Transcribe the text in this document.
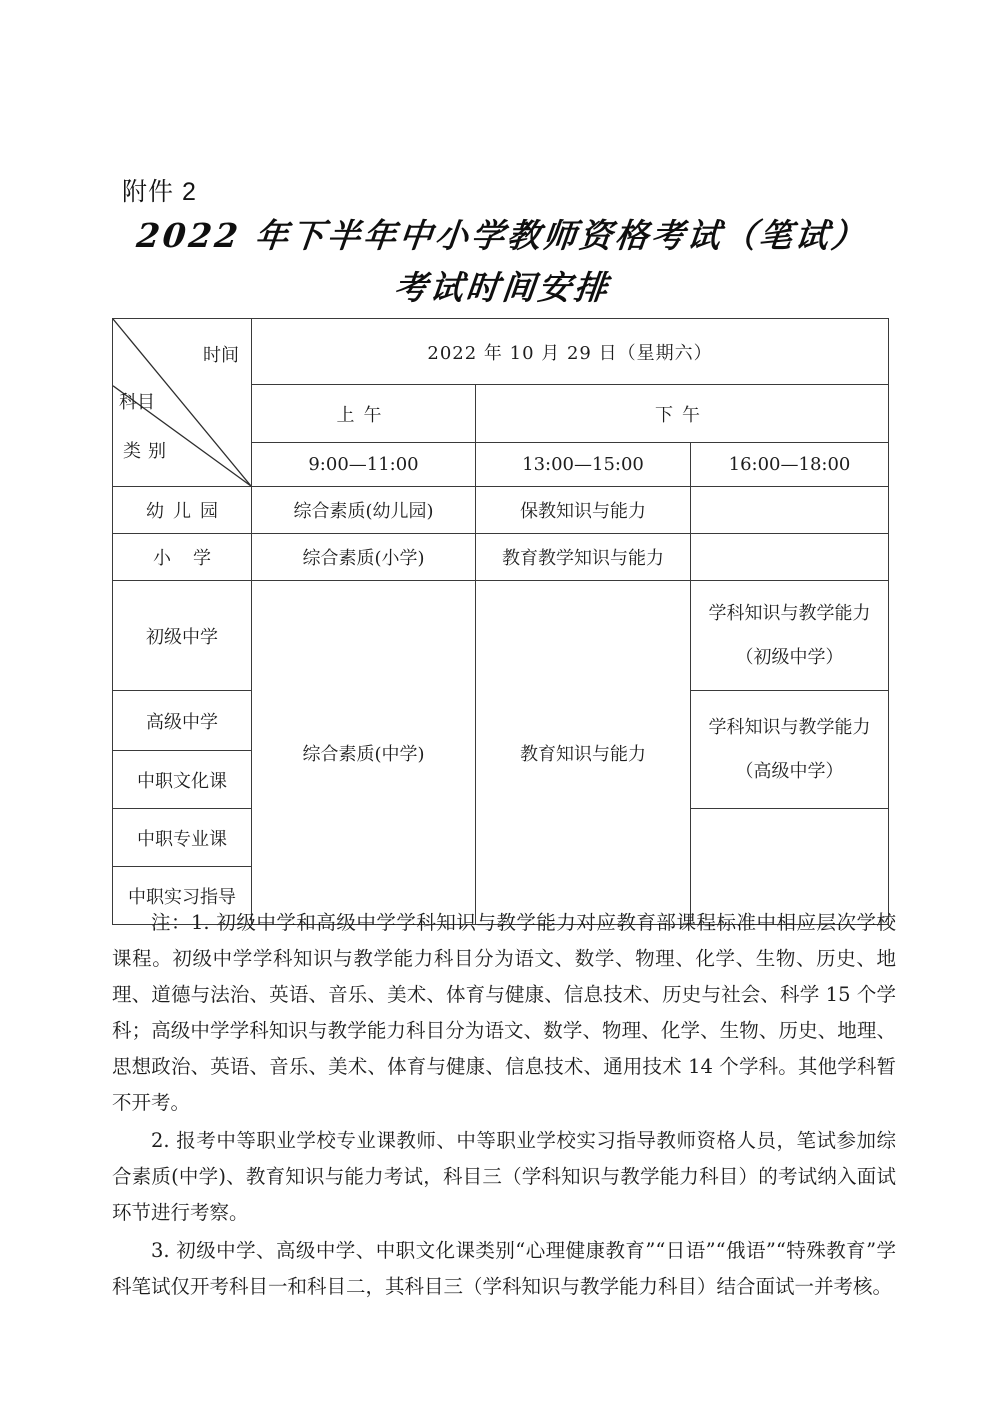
附件 2
2022 年下半年中小学教师资格考试（笔试）
考试时间安排
时间
科目
类别	2022 年 10 月 29 日（星期六）		
	上午	下午	
	9:00—11:00	13:00—15:00	16:00—18:00
幼儿园	综合素质(幼儿园)	保教知识与能力	
小学	综合素质(小学)	教育教学知识与能力	
初级中学	综合素质(中学)	教育知识与能力	学科知识与教学能力
（初级中学）

高级中学			学科知识与教学能力
（高级中学）

中职文化课			
中职专业课			
中职实习指导			

注：1. 初级中学和高级中学学科知识与教学能力对应教育部课程标准中相应层次学校课程。初级中学学科知识与教学能力科目分为语文、数学、物理、化学、生物、历史、地理、道德与法治、英语、音乐、美术、体育与健康、信息技术、历史与社会、科学 15 个学科；高级中学学科知识与教学能力科目分为语文、数学、物理、化学、生物、历史、地理、思想政治、英语、音乐、美术、体育与健康、信息技术、通用技术 14 个学科。其他学科暂不开考。

2. 报考中等职业学校专业课教师、中等职业学校实习指导教师资格人员，笔试参加综合素质(中学)、教育知识与能力考试，科目三（学科知识与教学能力科目）的考试纳入面试环节进行考察。

3. 初级中学、高级中学、中职文化课类别“心理健康教育”“日语”“俄语”“特殊教育”学科笔试仅开考科目一和科目二，其科目三（学科知识与教学能力科目）结合面试一并考核。
